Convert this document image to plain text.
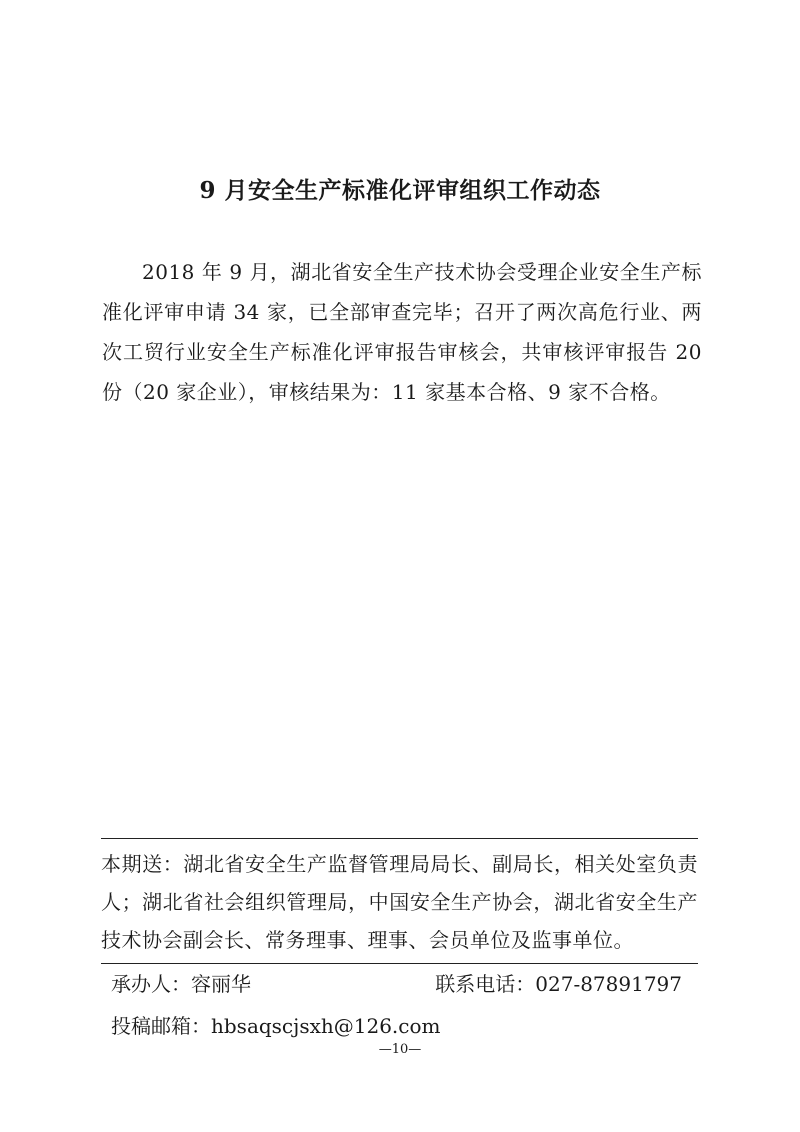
9 月安全生产标准化评审组织工作动态
2018 年 9 月，湖北省安全生产技术协会受理企业安全生产标准化评审申请 34 家，已全部审查完毕；召开了两次高危行业、两次工贸行业安全生产标准化评审报告审核会，共审核评审报告 20 份（20 家企业），审核结果为：11 家基本合格、9 家不合格。
本期送：湖北省安全生产监督管理局局长、副局长，相关处室负责人；湖北省社会组织管理局，中国安全生产协会，湖北省安全生产技术协会副会长、常务理事、理事、会员单位及监事单位。
承办人：容丽华	联系电话：027-87891797
投稿邮箱：hbsaqscjsxh@126.com
—10—
